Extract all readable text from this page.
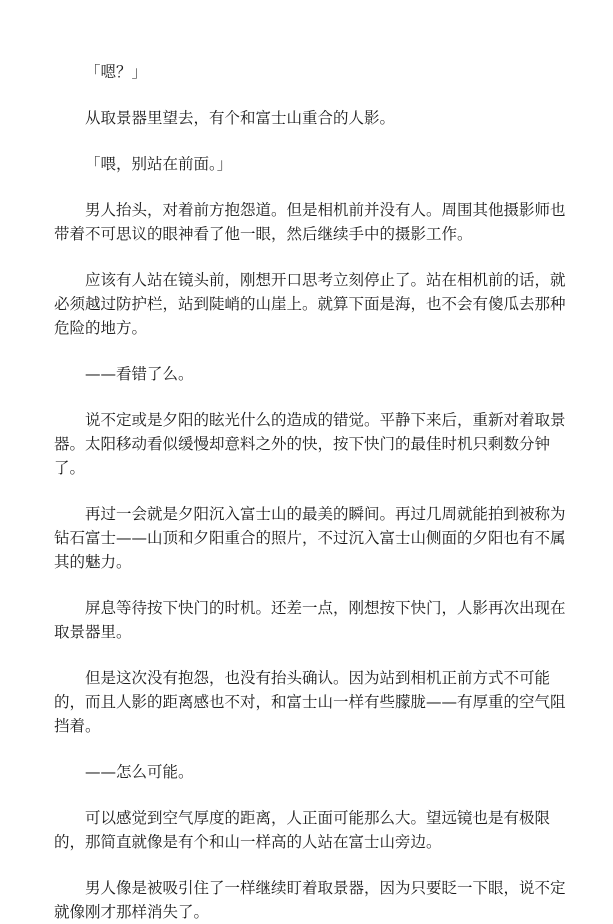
「嗯？」

从取景器里望去，有个和富士山重合的人影。

「喂，别站在前面。」

男人抬头，对着前方抱怨道。但是相机前并没有人。周围其他摄影师也带着不可思议的眼神看了他一眼，然后继续手中的摄影工作。

应该有人站在镜头前，刚想开口思考立刻停止了。站在相机前的话，就必须越过防护栏，站到陡峭的山崖上。就算下面是海，也不会有傻瓜去那种危险的地方。

——看错了么。

说不定或是夕阳的眩光什么的造成的错觉。平静下来后，重新对着取景器。太阳移动看似缓慢却意料之外的快，按下快门的最佳时机只剩数分钟了。

再过一会就是夕阳沉入富士山的最美的瞬间。再过几周就能拍到被称为钻石富士——山顶和夕阳重合的照片，不过沉入富士山侧面的夕阳也有不属其的魅力。

屏息等待按下快门的时机。还差一点，刚想按下快门，人影再次出现在取景器里。

但是这次没有抱怨，也没有抬头确认。因为站到相机正前方式不可能的，而且人影的距离感也不对，和富士山一样有些朦胧——有厚重的空气阻挡着。

——怎么可能。

可以感觉到空气厚度的距离，人正面可能那么大。望远镜也是有极限的，那简直就像是有个和山一样高的人站在富士山旁边。

男人像是被吸引住了一样继续盯着取景器，因为只要眨一下眼，说不定就像刚才那样消失了。
